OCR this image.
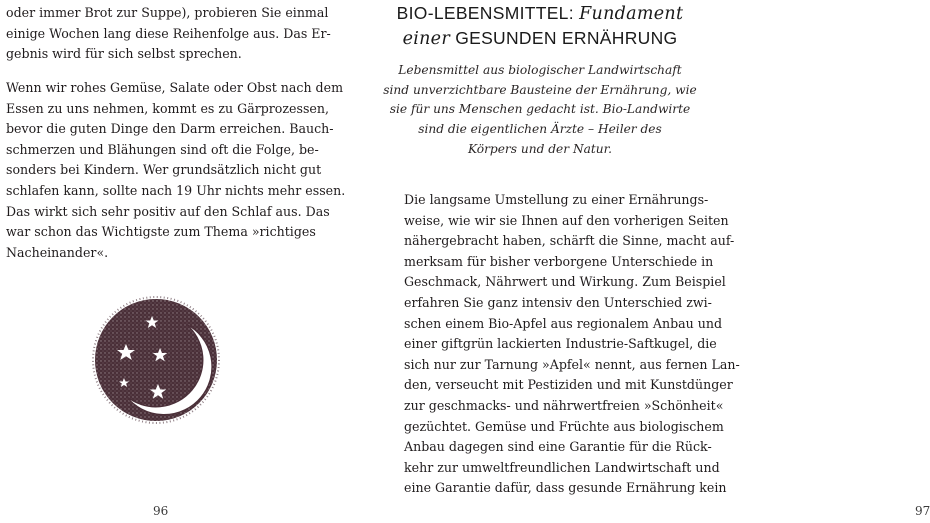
oder immer Brot zur Suppe), probieren Sie einmal
einige Wochen lang diese Reihenfolge aus. Das Er-
gebnis wird für sich selbst sprechen.

Wenn wir rohes Gemüse, Salate oder Obst nach dem
Essen zu uns nehmen, kommt es zu Gärprozessen,
bevor die guten Dinge den Darm erreichen. Bauch-
schmerzen und Blähungen sind oft die Folge, be-
sonders bei Kindern. Wer grundsätzlich nicht gut
schlafen kann, sollte nach 19 Uhr nichts mehr essen.
Das wirkt sich sehr positiv auf den Schlaf aus. Das
war schon das Wichtigste zum Thema »richtiges
Nacheinander«.

96
BIO-LEBENSMITTEL: Fundament
einer GESUNDEN ERNÄHRUNG

Lebensmittel aus biologischer Landwirtschaft
sind unverzichtbare Bausteine der Ernährung, wie
sie für uns Menschen gedacht ist. Bio-Landwirte
sind die eigentlichen Ärzte – Heiler des
Körpers und der Natur.

Die langsame Umstellung zu einer Ernährungs-
weise, wie wir sie Ihnen auf den vorherigen Seiten
nähergebracht haben, schärft die Sinne, macht auf-
merksam für bisher verborgene Unterschiede in
Geschmack, Nährwert und Wirkung. Zum Beispiel
erfahren Sie ganz intensiv den Unterschied zwi-
schen einem Bio-Apfel aus regionalem Anbau und
einer giftgrün lackierten Industrie-Saftkugel, die
sich nur zur Tarnung »Apfel« nennt, aus fernen Lan-
den, verseucht mit Pestiziden und mit Kunstdünger
zur geschmacks- und nährwertfreien »Schönheit«
gezüchtet. Gemüse und Früchte aus biologischem
Anbau dagegen sind eine Garantie für die Rück-
kehr zur umweltfreundlichen Landwirtschaft und
eine Garantie dafür, dass gesunde Ernährung kein

97
